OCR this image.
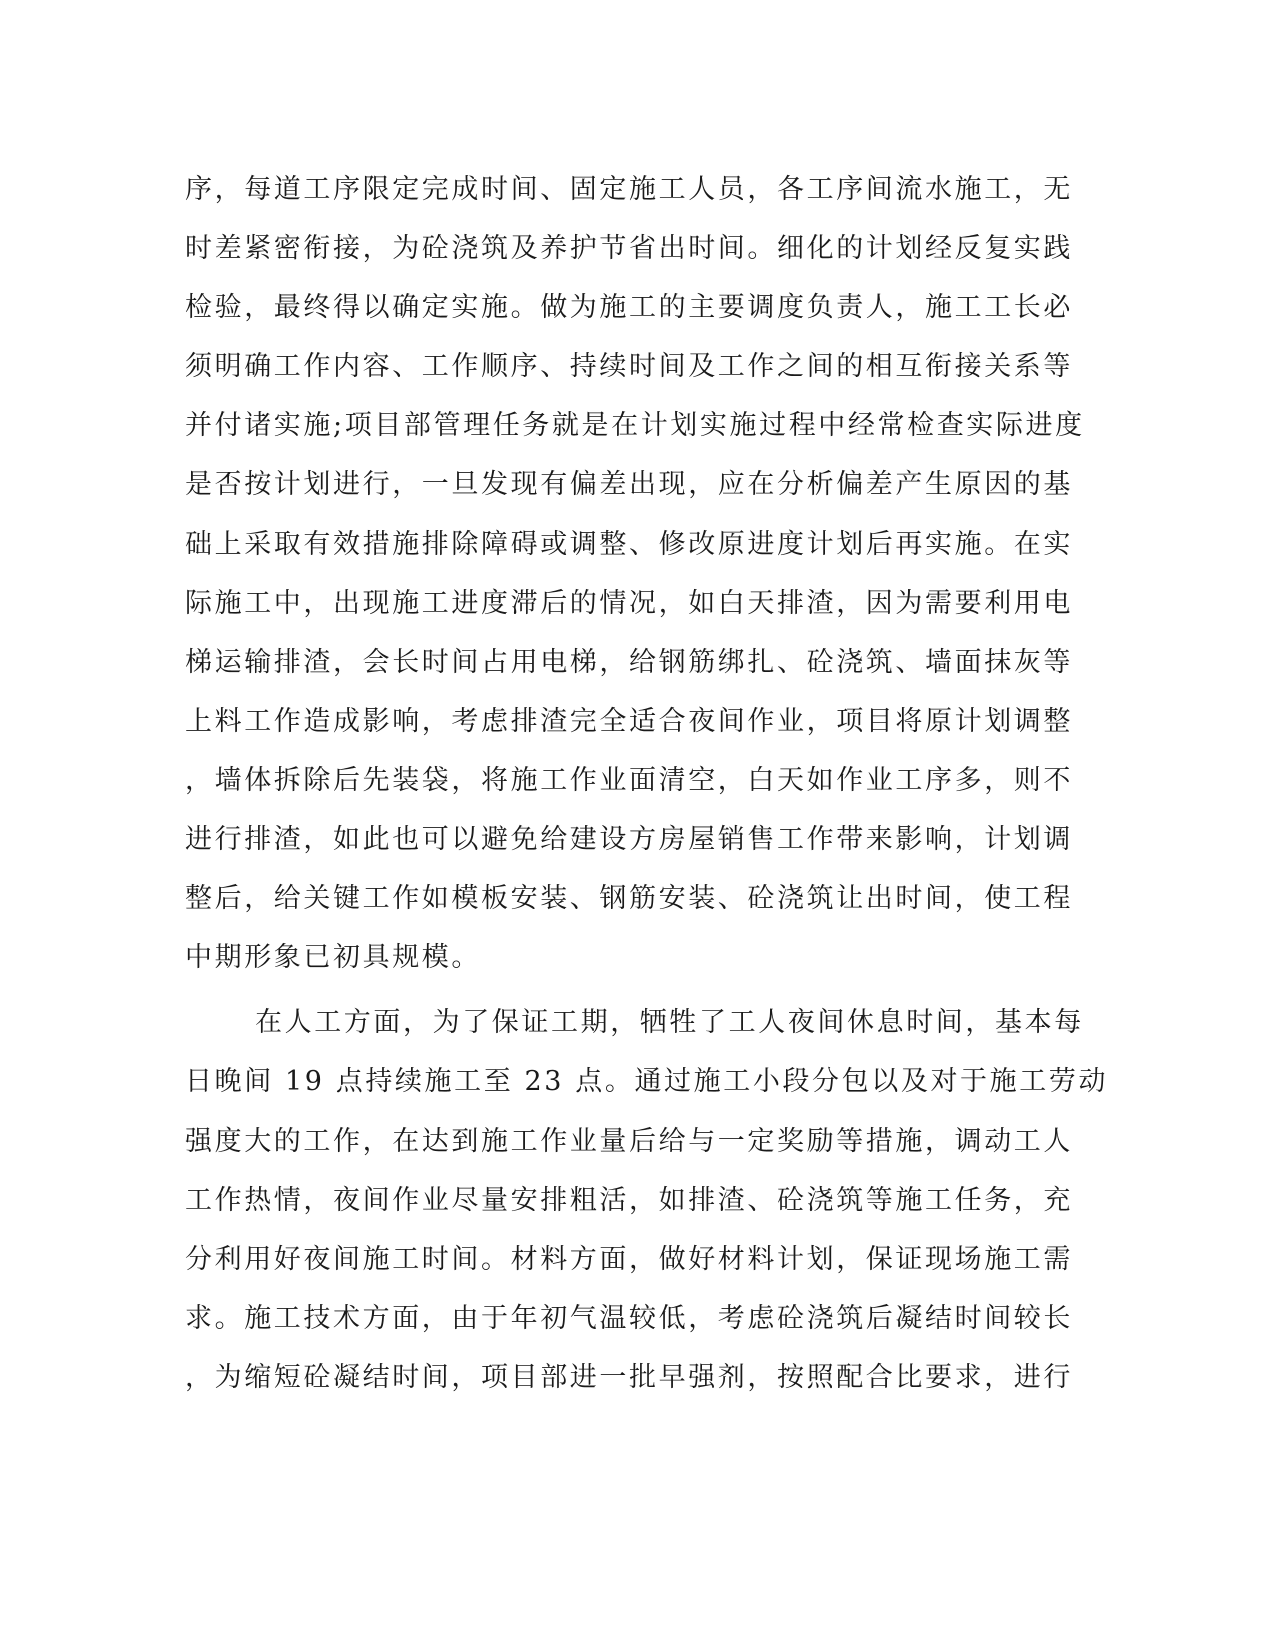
序，每道工序限定完成时间、固定施工人员，各工序间流水施工，无
时差紧密衔接，为砼浇筑及养护节省出时间。细化的计划经反复实践
检验，最终得以确定实施。做为施工的主要调度负责人，施工工长必
须明确工作内容、工作顺序、持续时间及工作之间的相互衔接关系等
并付诸实施;项目部管理任务就是在计划实施过程中经常检查实际进度
是否按计划进行，一旦发现有偏差出现，应在分析偏差产生原因的基
础上采取有效措施排除障碍或调整、修改原进度计划后再实施。在实
际施工中，出现施工进度滞后的情况，如白天排渣，因为需要利用电
梯运输排渣，会长时间占用电梯，给钢筋绑扎、砼浇筑、墙面抹灰等
上料工作造成影响，考虑排渣完全适合夜间作业，项目将原计划调整
，墙体拆除后先装袋，将施工作业面清空，白天如作业工序多，则不
进行排渣，如此也可以避免给建设方房屋销售工作带来影响，计划调
整后，给关键工作如模板安装、钢筋安装、砼浇筑让出时间，使工程
中期形象已初具规模。
在人工方面，为了保证工期，牺牲了工人夜间休息时间，基本每
日晚间 19 点持续施工至 23 点。通过施工小段分包以及对于施工劳动
强度大的工作，在达到施工作业量后给与一定奖励等措施，调动工人
工作热情，夜间作业尽量安排粗活，如排渣、砼浇筑等施工任务，充
分利用好夜间施工时间。材料方面，做好材料计划，保证现场施工需
求。施工技术方面，由于年初气温较低，考虑砼浇筑后凝结时间较长
，为缩短砼凝结时间，项目部进一批早强剂，按照配合比要求，进行
